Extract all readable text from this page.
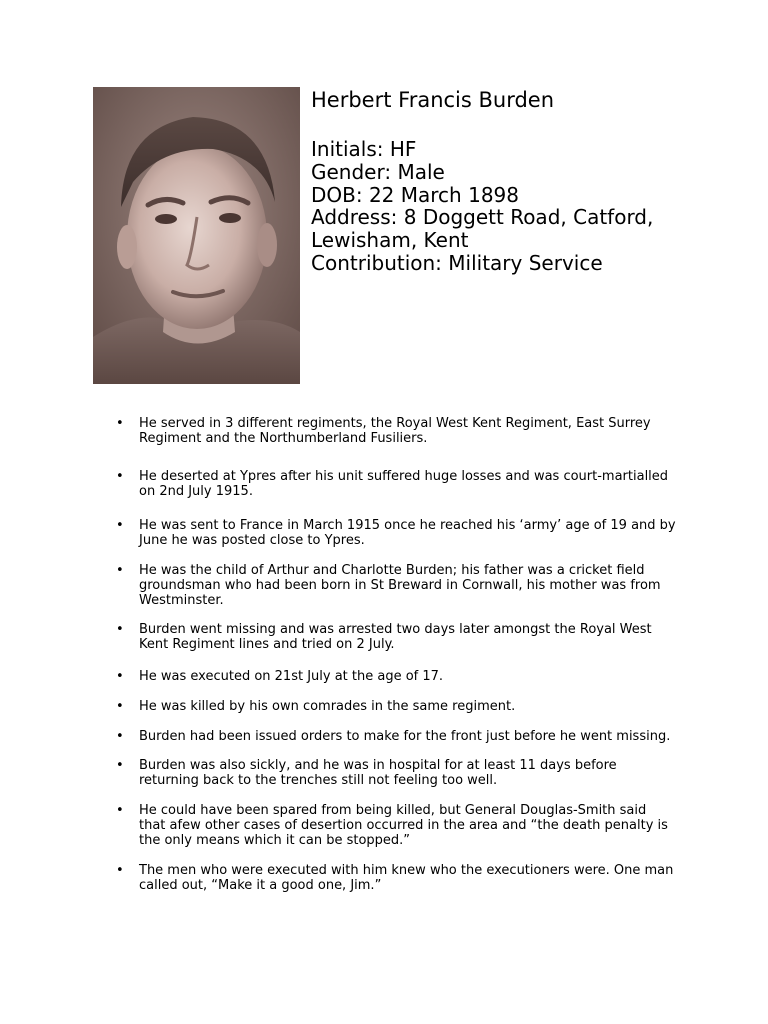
Herbert Francis Burden

Initials: HF

Gender: Male

DOB: 22 March 1898

Address: 8 Doggett Road, Catford,
Lewisham, Kent

Contribution: Military Service

• He served in 3 different regiments, the Royal West Kent Regiment, East Surrey Regiment and the Northumberland Fusiliers.
• He deserted at Ypres after his unit suffered huge losses and was court-martialled on 2nd July 1915.
• He was sent to France in March 1915 once he reached his ‘army’ age of 19 and by June he was posted close to Ypres.
• He was the child of Arthur and Charlotte Burden; his father was a cricket field groundsman who had been born in St Breward in Cornwall, his mother was from Westminster.
• Burden went missing and was arrested two days later amongst the Royal West Kent Regiment lines and tried on 2 July.
• He was executed on 21st July at the age of 17.
• He was killed by his own comrades in the same regiment.
• Burden had been issued orders to make for the front just before he went missing.
• Burden was also sickly, and he was in hospital for at least 11 days before returning back to the trenches still not feeling too well.
• He could have been spared from being killed, but General Douglas-Smith said that afew other cases of desertion occurred in the area and “the death penalty is the only means which it can be stopped.”
• The men who were executed with him knew who the executioners were. One man called out, “Make it a good one, Jim.”
